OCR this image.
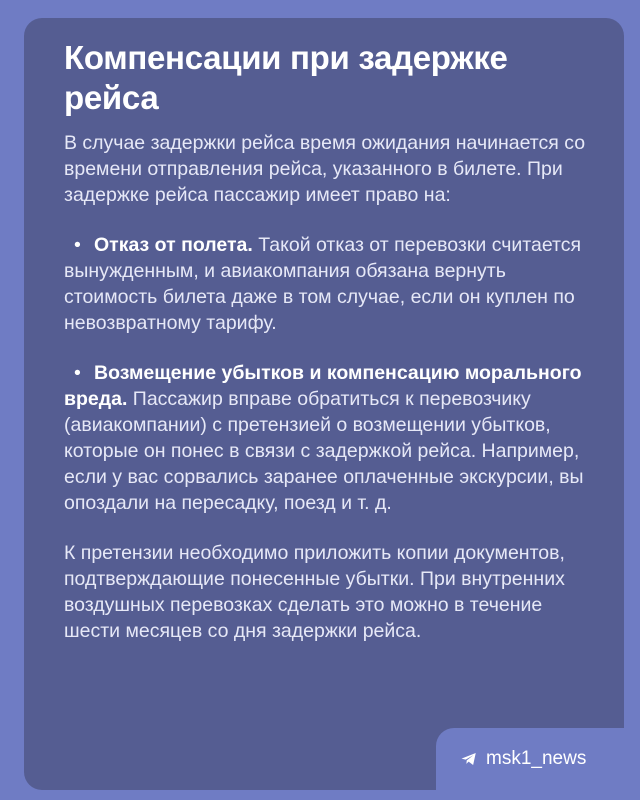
Компенсации при задержке рейса

В случае задержки рейса время ожидания начинается со времени отправления рейса, указанного в билете. При задержке рейса пассажир имеет право на:

• Отказ от полета. Такой отказ от перевозки считается вынужденным, и авиакомпания обязана вернуть стоимость билета даже в том случае, если он куплен по невозвратному тарифу.

• Возмещение убытков и компенсацию морального вреда. Пассажир вправе обратиться к перевозчику (авиакомпании) с претензией о возмещении убытков, которые он понес в связи с задержкой рейса. Например, если у вас сорвались заранее оплаченные экскурсии, вы опоздали на пересадку, поезд и т. д.

К претензии необходимо приложить копии документов, подтверждающие понесенные убытки. При внутренних воздушных перевозках сделать это можно в течение шести месяцев со дня задержки рейса.

msk1_news
